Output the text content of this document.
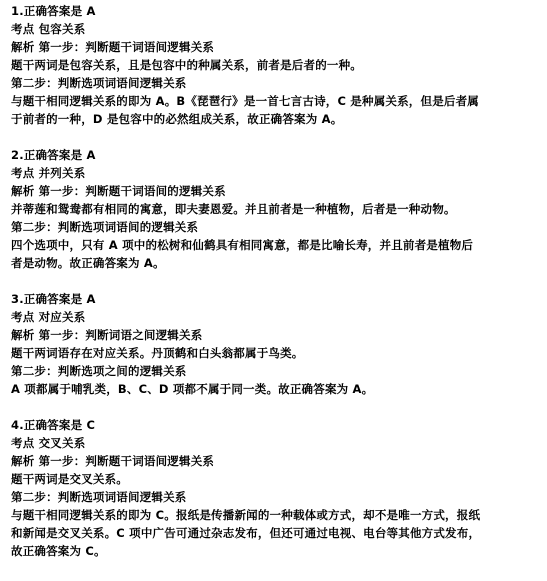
1.正确答案是 A
考点 包容关系
解析 第一步：判断题干词语间逻辑关系
题干两词是包容关系，且是包容中的种属关系，前者是后者的一种。
第二步：判断选项词语间逻辑关系
与题干相同逻辑关系的即为 A。B《琵琶行》是一首七言古诗，C 是种属关系，但是后者属
于前者的一种，D 是包容中的必然组成关系，故正确答案为 A。
2.正确答案是 A
考点 并列关系
解析 第一步：判断题干词语间的逻辑关系
并蒂莲和鸳鸯都有相同的寓意，即夫妻恩爱。并且前者是一种植物，后者是一种动物。
第二步：判断选项词语间的逻辑关系
四个选项中，只有 A 项中的松树和仙鹤具有相同寓意，都是比喻长寿，并且前者是植物后
者是动物。故正确答案为 A。
3.正确答案是 A
考点 对应关系
解析 第一步：判断词语之间逻辑关系
题干两词语存在对应关系。丹顶鹤和白头翁都属于鸟类。
第二步：判断选项之间的逻辑关系
A 项都属于哺乳类，B、C、D 项都不属于同一类。故正确答案为 A。
4.正确答案是 C
考点 交叉关系
解析 第一步：判断题干词语间逻辑关系
题干两词是交叉关系。
第二步：判断选项词语间逻辑关系
与题干相同逻辑关系的即为 C。报纸是传播新闻的一种载体或方式，却不是唯一方式，报纸
和新闻是交叉关系。C 项中广告可通过杂志发布，但还可通过电视、电台等其他方式发布，
故正确答案为 C。
